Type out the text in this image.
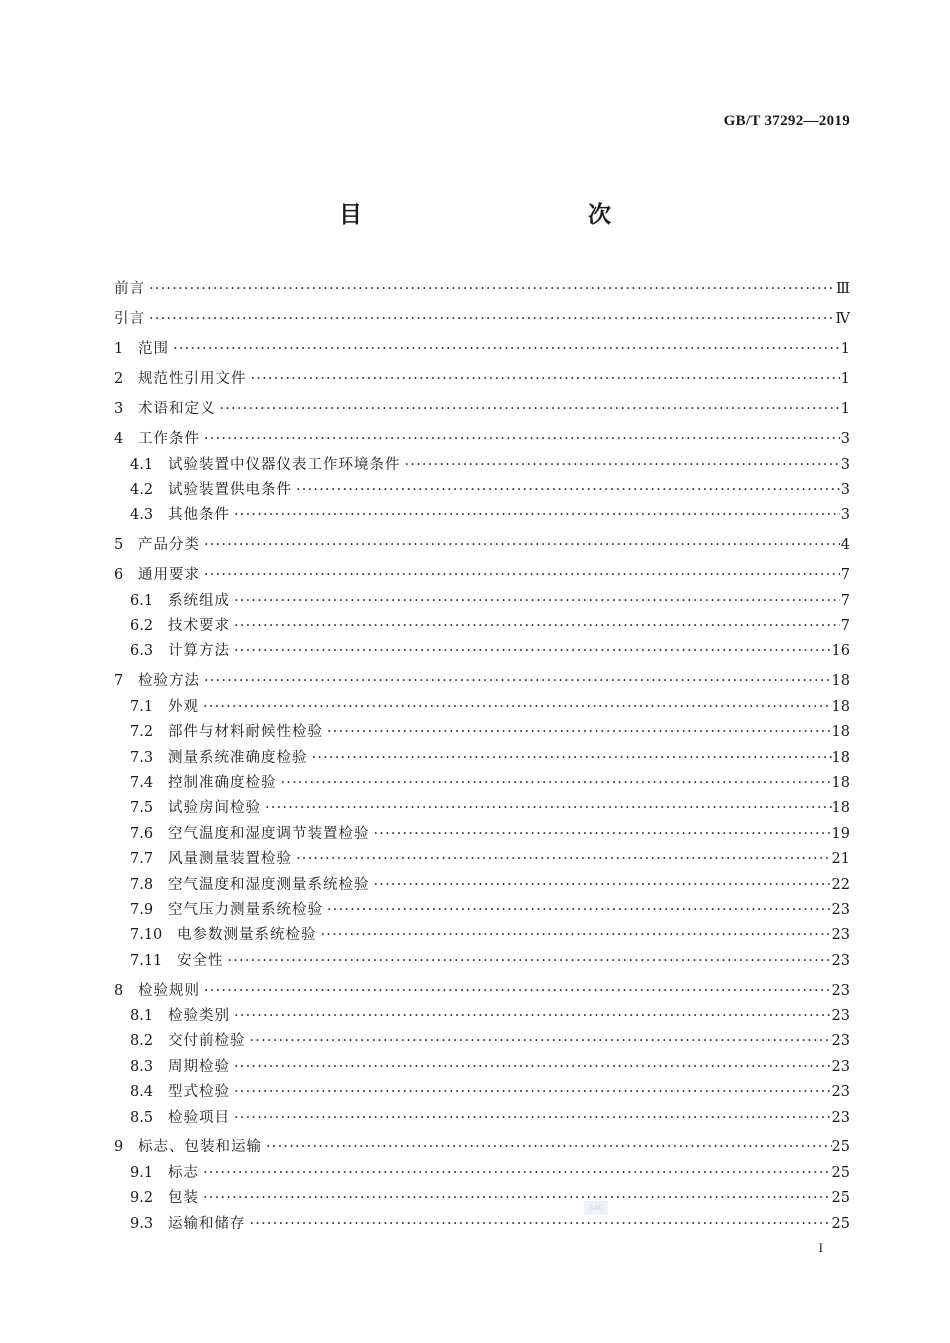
GB/T 37292—2019
目　　次
前言 ·····	Ⅲ
引言 ·····	Ⅳ
1	范围 ·····	1
2	规范性引用文件 ·····	1
3	术语和定义 ·····	1
4	工作条件 ·····	3
4.1	试验装置中仪器仪表工作环境条件 ·····	3
4.2	试验装置供电条件 ·····	3
4.3	其他条件 ·····	3
5	产品分类 ·····	4
6	通用要求 ·····	7
6.1	系统组成 ·····	7
6.2	技术要求 ·····	7
6.3	计算方法 ·····	16
7	检验方法 ·····	18
7.1	外观 ·····	18
7.2	部件与材料耐候性检验 ·····	18
7.3	测量系统准确度检验 ·····	18
7.4	控制准确度检验 ·····	18
7.5	试验房间检验 ·····	18
7.6	空气温度和湿度调节装置检验 ·····	19
7.7	风量测量装置检验 ·····	21
7.8	空气温度和湿度测量系统检验 ·····	22
7.9	空气压力测量系统检验 ·····	23
7.10	电参数测量系统检验 ·····	23
7.11	安全性 ·····	23
8	检验规则 ·····	23
8.1	检验类别 ·····	23
8.2	交付前检验 ·····	23
8.3	周期检验 ·····	23
8.4	型式检验 ·····	23
8.5	检验项目 ·····	23
9	标志、包装和运输 ·····	25
9.1	标志 ·····	25
9.2	包装 ·····	25
9.3	运输和储存 ·····	25
SAC
I
